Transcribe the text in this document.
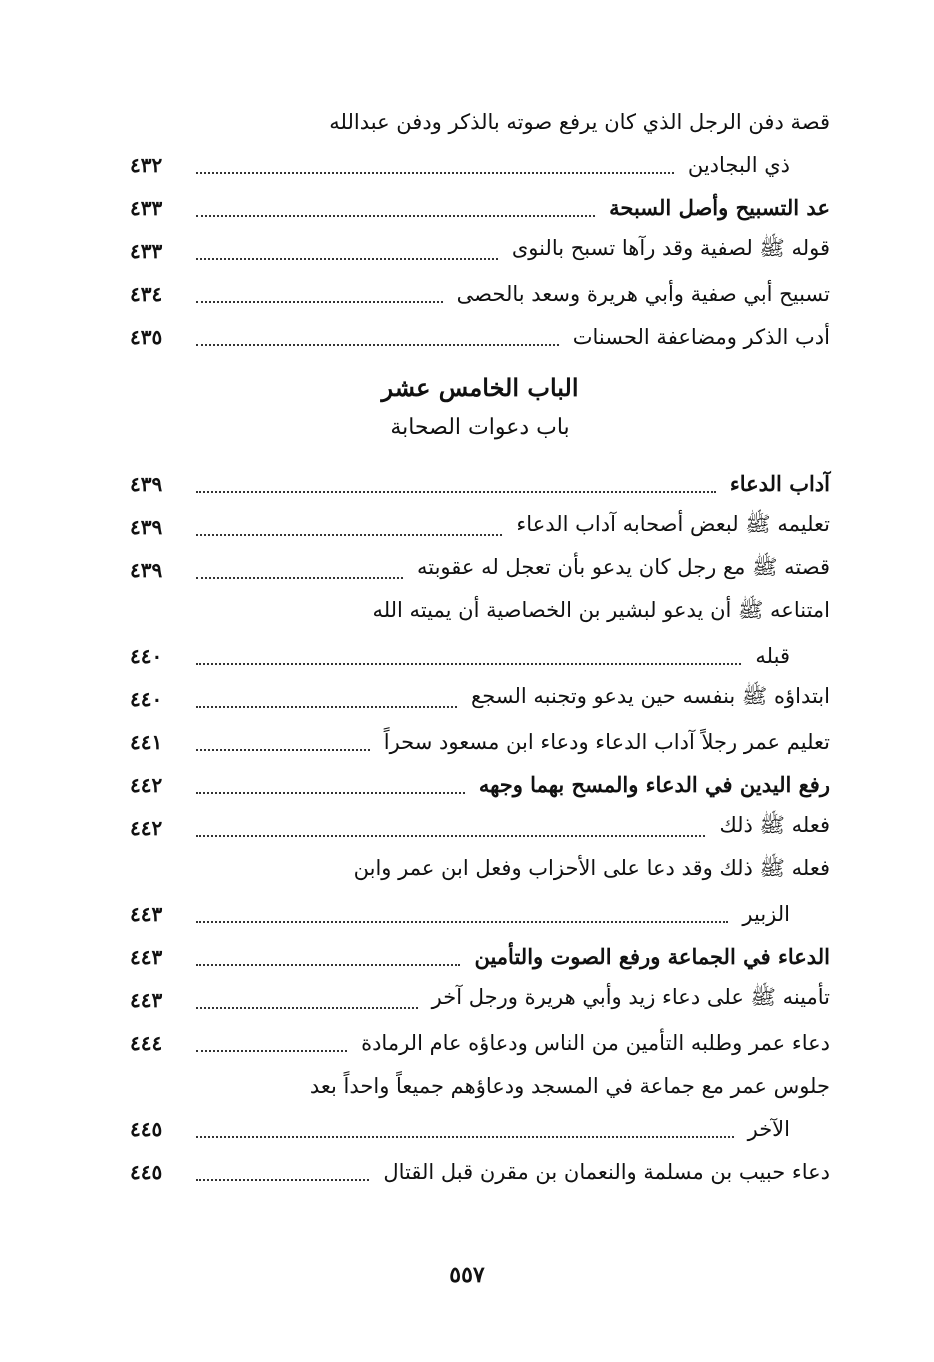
قصة دفن الرجل الذي كان يرفع صوته بالذكر ودفن عبدالله
ذي البجادين
٤٣٢
عد التسبيح وأصل السبحة
٤٣٣
قوله ﷺ لصفية وقد رآها تسبح بالنوى
٤٣٣
تسبيح أبي صفية وأبي هريرة وسعد بالحصى
٤٣٤
أدب الذكر ومضاعفة الحسنات
٤٣٥
الباب الخامس عشر
باب دعوات الصحابة
آداب الدعاء
٤٣٩
تعليمه ﷺ لبعض أصحابه آداب الدعاء
٤٣٩
قصته ﷺ مع رجل كان يدعو بأن تعجل له عقوبته
٤٣٩
امتناعه ﷺ أن يدعو لبشير بن الخصاصية أن يميته الله
قبله
٤٤٠
ابتداؤه ﷺ بنفسه حين يدعو وتجنبه السجع
٤٤٠
تعليم عمر رجلاً آداب الدعاء ودعاء ابن مسعود سحراً
٤٤١
رفع اليدين في الدعاء والمسح بهما وجهه
٤٤٢
فعله ﷺ ذلك
٤٤٢
فعله ﷺ ذلك وقد دعا على الأحزاب وفعل ابن عمر وابن
الزبير
٤٤٣
الدعاء في الجماعة ورفع الصوت والتأمين
٤٤٣
تأمينه ﷺ على دعاء زيد وأبي هريرة ورجل آخر
٤٤٣
دعاء عمر وطلبه التأمين من الناس ودعاؤه عام الرمادة
٤٤٤
جلوس عمر مع جماعة في المسجد ودعاؤهم جميعاً واحداً بعد
الآخر
٤٤٥
دعاء حبيب بن مسلمة والنعمان بن مقرن قبل القتال
٤٤٥
٥٥٧
